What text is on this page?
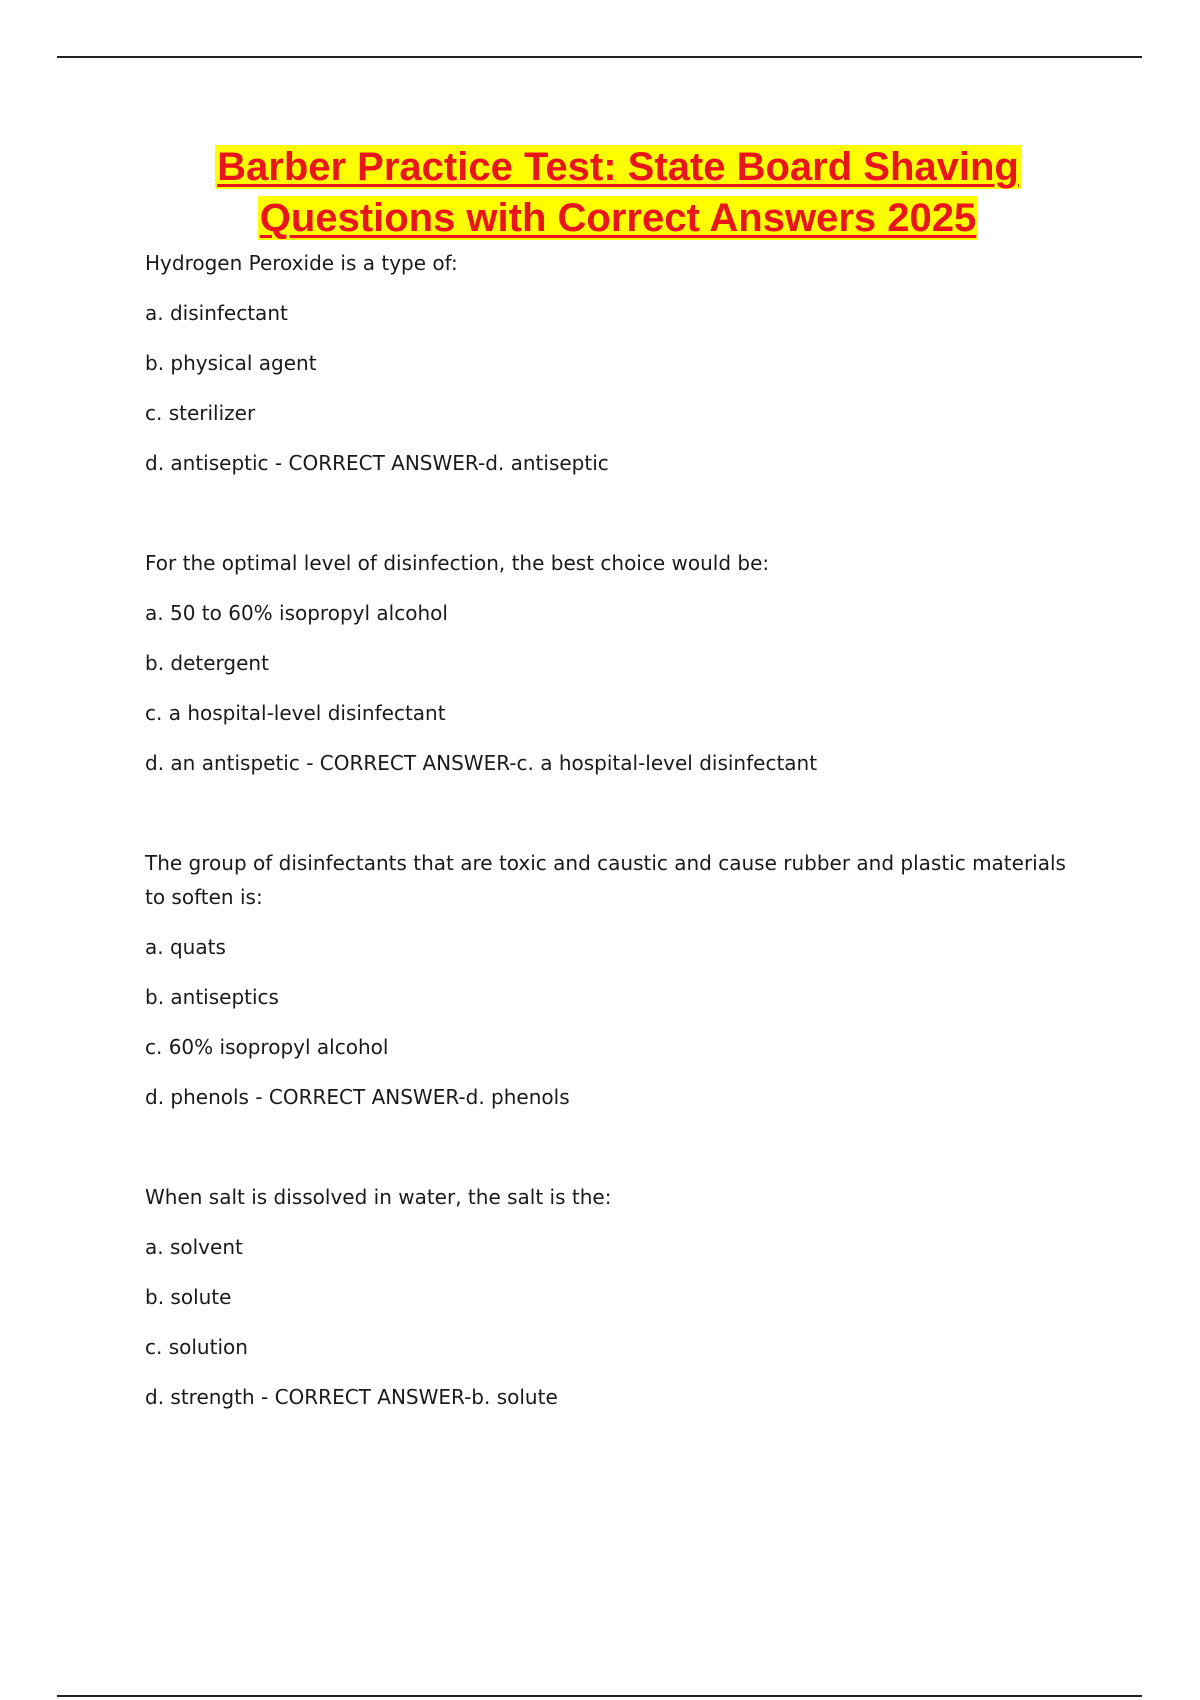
Barber Practice Test: State Board Shaving
Questions with Correct Answers 2025

Hydrogen Peroxide is a type of:

a. disinfectant

b. physical agent

c. sterilizer

d. antiseptic - CORRECT ANSWER-d. antiseptic

For the optimal level of disinfection, the best choice would be:

a. 50 to 60% isopropyl alcohol

b. detergent

c. a hospital-level disinfectant

d. an antispetic - CORRECT ANSWER-c. a hospital-level disinfectant

The group of disinfectants that are toxic and caustic and cause rubber and plastic materials to soften is:

a. quats

b. antiseptics

c. 60% isopropyl alcohol

d. phenols - CORRECT ANSWER-d. phenols

When salt is dissolved in water, the salt is the:

a. solvent

b. solute

c. solution

d. strength - CORRECT ANSWER-b. solute
